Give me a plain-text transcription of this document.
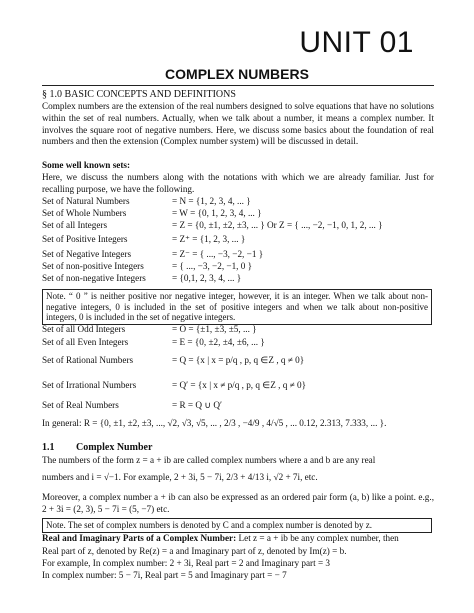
UNIT 01
COMPLEX NUMBERS
§ 1.0 BASIC CONCEPTS AND DEFINITIONS
Complex numbers are the extension of the real numbers designed to solve equations that have no solutions within the set of real numbers. Actually, when we talk about a number, it means a complex number. It involves the square root of negative numbers. Here, we discuss some basics about the foundation of real numbers and then the extension (Complex number system) will be discussed in detail.
Some well known sets:
Here, we discuss the numbers along with the notations with which we are already familiar. Just for recalling purpose, we have the following.
Set of Natural Numbers	= N = {1, 2, 3, 4, ... }
Set of Whole Numbers	= W = {0, 1, 2, 3, 4, ... }
Set of all Integers	= Z = {0, ±1, ±2, ±3, ... } Or Z = { ..., −2, −1, 0, 1, 2, ... }
Set of Positive Integers	= Z⁺ = {1, 2, 3, ... }
Set of Negative Integers	= Z⁻ = { ..., −3, −2, −1 }
Set of non-positive Integers	= { ..., −3, −2, −1, 0 }
Set of non-negative Integers	= {0,1, 2, 3, 4, ... }
Note. “ 0 ” is neither positive nor negative integer, however, it is an integer. When we talk about non-negative integers, 0 is included in the set of positive integers and when we talk about non-positive integers, 0 is included in the set of negative integers.
Set of all Odd Integers	= O = {±1, ±3, ±5, ... }
Set of all Even Integers	= E = {0, ±2, ±4, ±6, ... }
Set of Rational Numbers	= Q = {x | x = p/q , p, q ∈Z , q ≠ 0}
Set of Irrational Numbers	= Q′ = {x | x ≠ p/q , p, q ∈Z , q ≠ 0}
Set of Real Numbers	= R = Q ∪ Q′
In general: R = {0, ±1, ±2, ±3, ..., √2, √3, √5, ... , 2/3 , −4/9 , 4/√5 , ... 0.12, 2.313, 7.333, ... }.
1.1 Complex Number
The numbers of the form z = a + ib are called complex numbers where a and b are any real
numbers and i = √−1. For example, 2 + 3i, 5 − 7i, 2/3 + 4/13 i, √2 + 7i, etc.
Moreover, a complex number a + ib can also be expressed as an ordered pair form (a, b) like a point. e.g., 2 + 3i = (2, 3), 5 − 7i = (5, −7) etc.
Note. The set of complex numbers is denoted by C and a complex number is denoted by z.
Real and Imaginary Parts of a Complex Number: Let z = a + ib be any complex number, then
Real part of z, denoted by Re(z) = a and Imaginary part of z, denoted by Im(z) = b.
For example, In complex number: 2 + 3i, Real part = 2 and Imaginary part = 3
In complex number: 5 − 7i, Real part = 5 and Imaginary part = − 7
